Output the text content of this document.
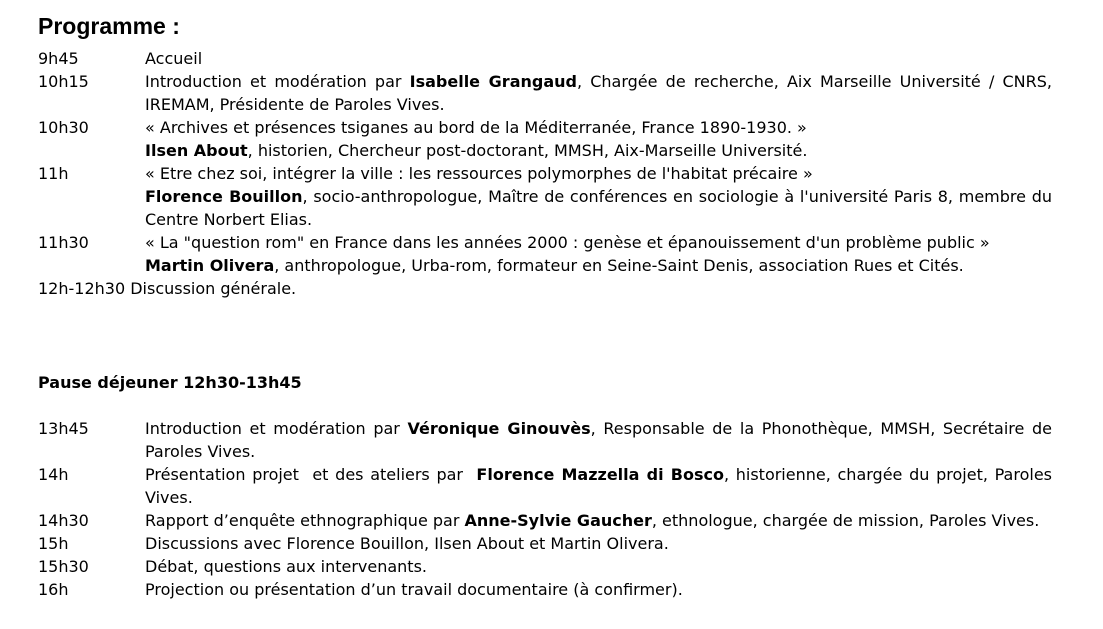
Programme :
9h45	Accueil
10h15	Introduction et modération par Isabelle Grangaud, Chargée de recherche, Aix Marseille Université / CNRS, IREMAM, Présidente de Paroles Vives.
10h30	« Archives et présences tsiganes au bord de la Méditerranée, France 1890-1930. »
Ilsen About, historien, Chercheur post-doctorant, MMSH, Aix-Marseille Université.
11h	« Etre chez soi, intégrer la ville : les ressources polymorphes de l'habitat précaire »
Florence Bouillon, socio-anthropologue, Maître de conférences en sociologie à l'université Paris 8, membre du Centre Norbert Elias.
11h30	« La "question rom" en France dans les années 2000 : genèse et épanouissement d'un problème public »
Martin Olivera, anthropologue, Urba-rom, formateur en Seine-Saint Denis, association Rues et Cités.
12h-12h30 Discussion générale.
Pause déjeuner 12h30-13h45
13h45	Introduction et modération par Véronique Ginouvès, Responsable de la Phonothèque, MMSH, Secrétaire de Paroles Vives.
14h	Présentation projet  et des ateliers par  Florence Mazzella di Bosco, historienne, chargée du projet, Paroles Vives.
14h30	Rapport d’enquête ethnographique par Anne-Sylvie Gaucher, ethnologue, chargée de mission, Paroles Vives.
15h	Discussions avec Florence Bouillon, Ilsen About et Martin Olivera.
15h30	Débat, questions aux intervenants.
16h	Projection ou présentation d’un travail documentaire (à confirmer).
